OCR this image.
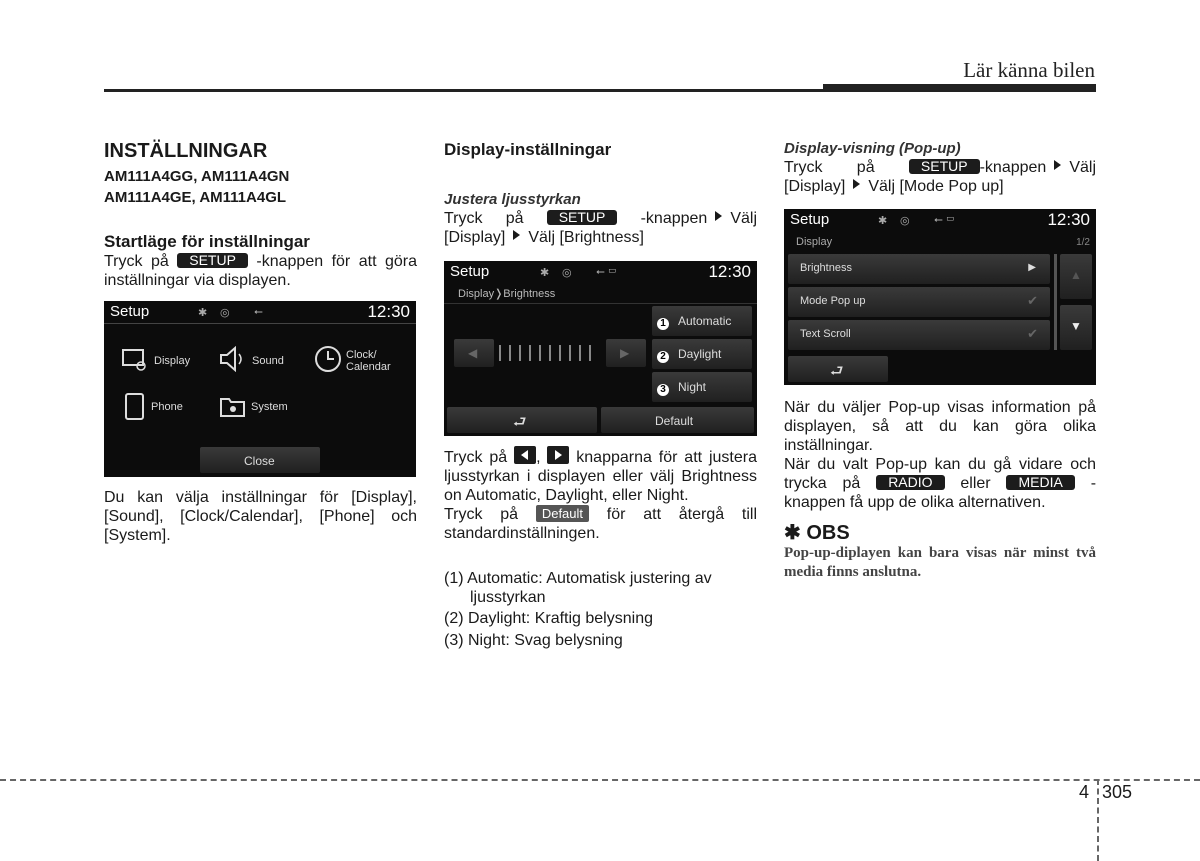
Lär känna bilen
INSTÄLLNINGAR
AM111A4GG, AM111A4GN
AM111A4GE, AM111A4GL
Startläge för inställningar

Tryck på SETUP -knappen för att göra inställningar via displayen.

Setup	✱ ◎ ⭠	12:30
Display	Sound	Clock/
Calendar
Phone	System
Close

Du kan välja inställningar för [Display], [Sound], [Clock/Calendar], [Phone] och [System].

Display-inställningar
Justera ljusstyrkan

Tryck på	SETUP -knappen Välj [Display] Välj [Brightness]

Setup	✱ ◎ ⭠ ▭	12:30
Display❭Brightness
◀	▶
1 Automatic
2 Daylight
3 Night
⮐	Default

Tryck på , knapparna för att justera ljusstyrkan i displayen eller välj Brightness on Automatic, Daylight, eller Night.

Tryck på Default för att återgå till standardinställningen.

(1) Automatic: Automatisk justering av

ljusstyrkan

(2) Daylight: Kraftig belysning

(3) Night: Svag belysning

Display-visning (Pop-up)

Tryck på	SETUP -knappen Välj [Display] Välj [Mode Pop up]

Setup	✱ ◎ ⭠ ▭	12:30
Display	1/2
Brightness	▶
Mode Pop up	✔
Text Scroll	✔
▲
▼
⮐

När du väljer Pop-up visas information på displayen, så att du kan göra olika inställningar.

När du valt Pop-up kan du gå vidare och trycka på RADIO eller MEDIA -knappen få upp de olika alternativen.

✱ OBS
Pop-up-diplayen kan bara visas när minst två media finns anslutna.
4 305
